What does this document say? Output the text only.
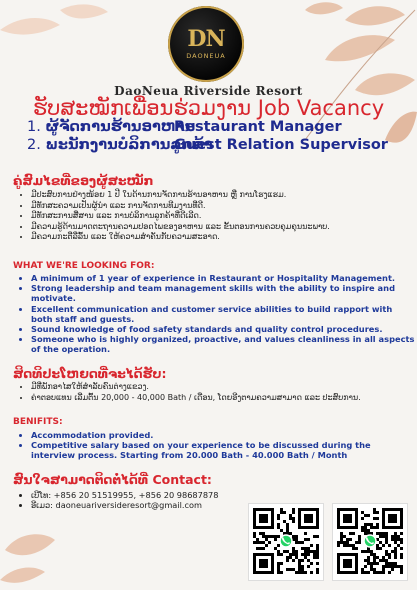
DN
DAONEUA
DaoNeua Riverside Resort
ຮັບສະໝັກເພື່ອນຮ່ວມງານ Job Vacancy
1. ຜູ້ຈັດການຮ້ານອາຫານ
Restaurant Manager
2. ພະນັກງານບໍລິການລູກຄ້າ
Guest Relation Supervisor
ຄູ່ສົມໄຂທີ່ຂອງຜູ້ສະໝັກ
• ມີປະສົບການຢ່າງໜ້ອຍ 1 ປີ ໃນດ້ານການຈັດການຮ້ານອາຫານ ຫຼື ການໂຮງແຮມ.
• ມີທັກສະຄວາມເປັນຜູ້ນຳ ແລະ ການຈັດການທີມງານທີ່ດີ.
• ມີທັກສະການສື່ສານ ແລະ ການບໍລິການລູກຄ້າທີ່ດີເລີດ.
• ມີຄວາມຮູ້ດ້ານມາດຕະຖານຄວາມປອດໄພຂອງອາຫານ ແລະ ຂັ້ນຕອນການຄວບຄຸມຄຸນນະພາບ.
• ມີຄວາມກະຕືລືລົ້ນ ແລະ ໃຫ້ຄວາມສຳຄັນກັບຄວາມສະອາດ.
WHAT WE'RE LOOKING FOR:
• A minimum of 1 year of experience in Restaurant or Hospitality Management.
• Strong leadership and team management skills with the ability to inspire and motivate.
• Excellent communication and customer service abilities to build rapport with both staff and guests.
• Sound knowledge of food safety standards and quality control procedures.
• Someone who is highly organized, proactive, and values cleanliness in all aspects of the operation.
ສິດທິປະໂຫຍດທີ່ຈະໄດ້ຮັບ:
• ມີທີ່ພັກອາໄສໃຫ້ສຳລັບຄົນຕ່າງແຂວງ.
• ຄ່າຕອບແທນ ເລີ່ມຕົ້ນ 20,000 - 40,000 Bath / ເດືອນ, ໂດຍອີງຕາມຄວາມສາມາດ ແລະ ປະສົບການ.
BENIFITS:
• Accommodation provided.
• Competitive salary based on your experience to be discussed during the interview process. Starting from 20.000 Bath - 40.000 Bath / Month
ສົນໃຈສາມາດຕິດຕໍ່ໄດ້ທີ່ Contact:
• ເບີໂທ: +856 20 51519955, +856 20 98687878
• ອີເມວ: daoneuariversideresort@gmail.com
